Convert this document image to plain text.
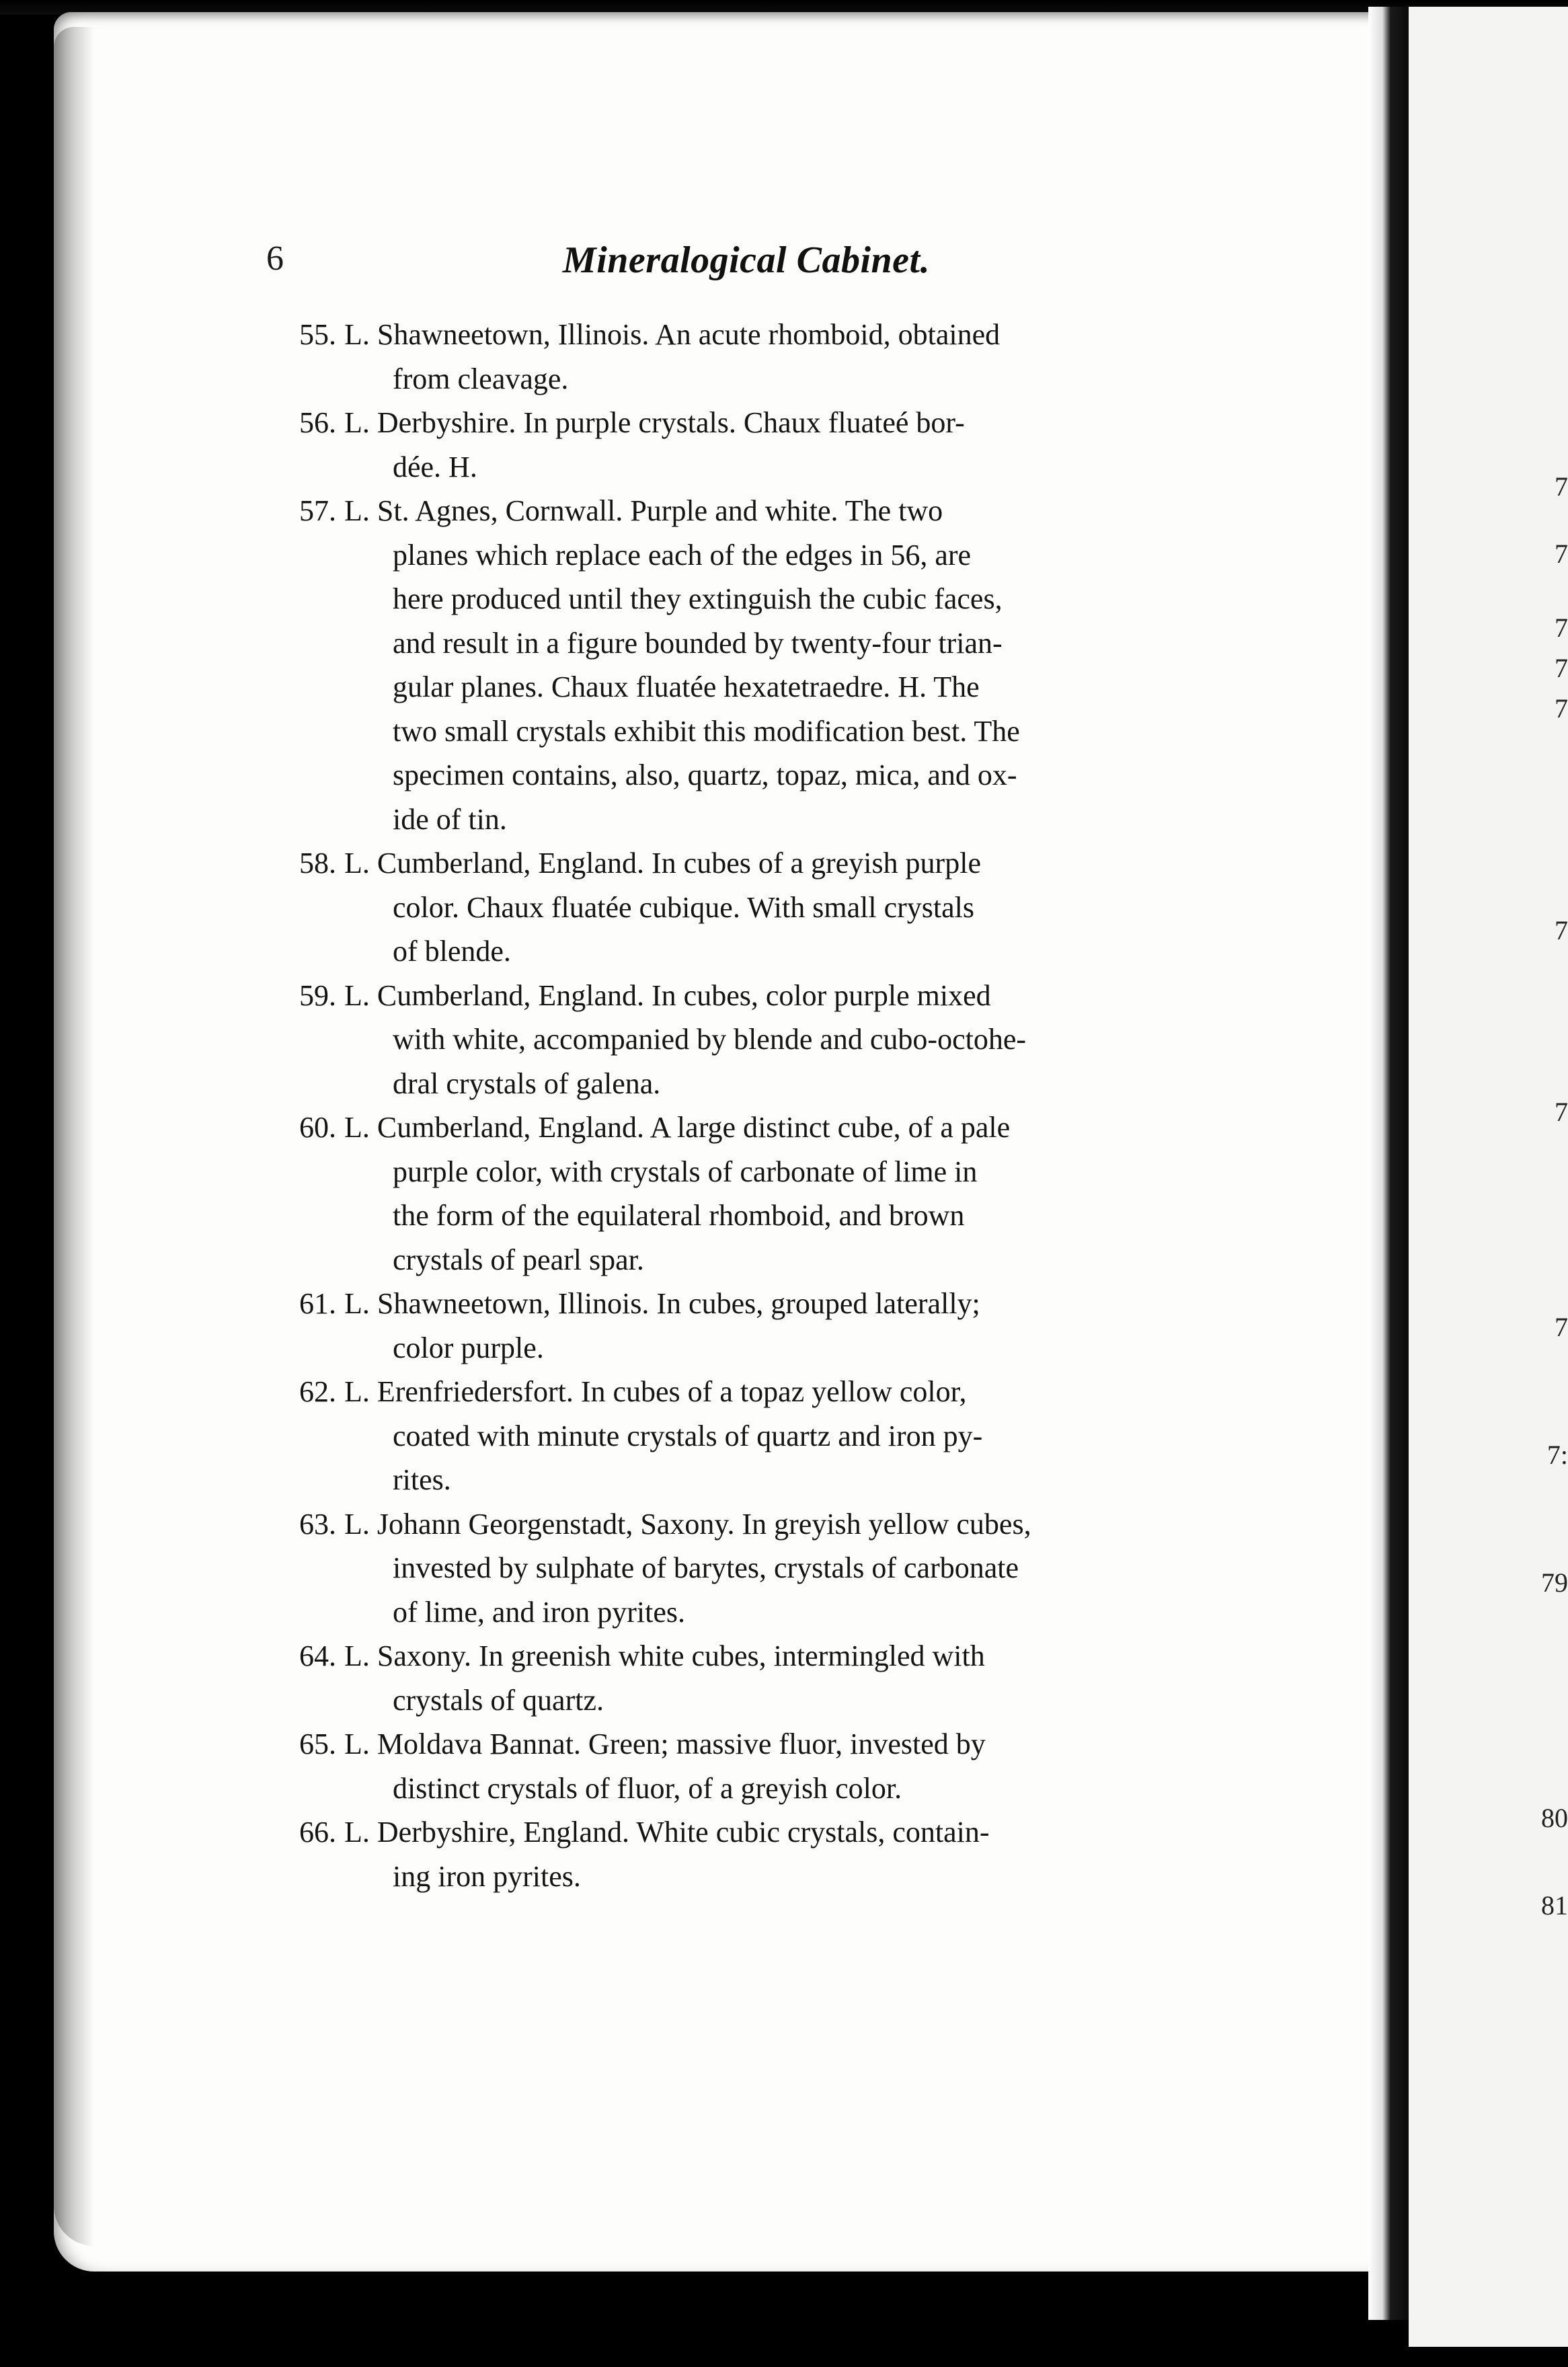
7
7
7
7
7
7
7
7
7:
79
80
81
6	Mineralogical Cabinet.
55. L. Shawneetown, Illinois. An acute rhomboid, obtained
from cleavage.
56. L. Derbyshire. In purple crystals. Chaux fluateé bor-
dée. H.
57. L. St. Agnes, Cornwall. Purple and white. The two
planes which replace each of the edges in 56, are
here produced until they extinguish the cubic faces,
and result in a figure bounded by twenty-four trian-
gular planes. Chaux fluatée hexatetraedre. H. The
two small crystals exhibit this modification best. The
specimen contains, also, quartz, topaz, mica, and ox-
ide of tin.
58. L. Cumberland, England. In cubes of a greyish purple
color. Chaux fluatée cubique. With small crystals
of blende.
59. L. Cumberland, England. In cubes, color purple mixed
with white, accompanied by blende and cubo-octohe-
dral crystals of galena.
60. L. Cumberland, England. A large distinct cube, of a pale
purple color, with crystals of carbonate of lime in
the form of the equilateral rhomboid, and brown
crystals of pearl spar.
61. L. Shawneetown, Illinois. In cubes, grouped laterally;
color purple.
62. L. Erenfriedersfort. In cubes of a topaz yellow color,
coated with minute crystals of quartz and iron py-
rites.
63. L. Johann Georgenstadt, Saxony. In greyish yellow cubes,
invested by sulphate of barytes, crystals of carbonate
of lime, and iron pyrites.
64. L. Saxony. In greenish white cubes, intermingled with
crystals of quartz.
65. L. Moldava Bannat. Green; massive fluor, invested by
distinct crystals of fluor, of a greyish color.
66. L. Derbyshire, England. White cubic crystals, contain-
ing iron pyrites.
